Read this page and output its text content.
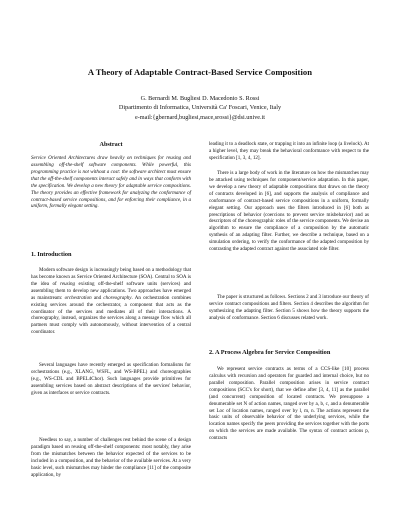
A Theory of Adaptable Contract-Based Service Composition
G. Bernardi M. Bugliesi D. Macedonio S. Rossi
Dipartimento di Informatica, Università Ca' Foscari, Venice, Italy
e-mail:{gbernard,bugliesi,mace,srossi}@dsi.unive.it
Abstract
Service Oriented Architectures draw heavily on techniques for reusing and assembling off-the-shelf software components. While powerful, this programming practice is not without a cost: the software architect must ensure that the off-the-shelf components interact safely and in ways that conform with the specification. We develop a new theory for adaptable service compositions. The theory provides an effective framework for analyzing the conformance of contract-based service compositions, and for enforcing their compliance, in a uniform, formally elegant setting.
1. Introduction
Modern software design is increasingly being based on a methodology that has become known as Service Oriented Architecture (SOA). Central to SOA is the idea of reusing existing off-the-shelf software units (services) and assembling them to develop new applications. Two approaches have emerged as mainstream: orchestration and choreography. An orchestration combines existing services around the orchestrator, a component that acts as the coordinator of the services and mediates all of their interactions. A choreography, instead, organizes the services along a message flow which all partners must comply with autonomously, without intervention of a central coordinator.
Several languages have recently emerged as specification formalisms for orchestrations (e.g., XLANG, WSFL, and WS-BPEL) and choreographies (e.g., WS-CDL and BPEL4Chor). Such languages provide primitives for assembling services based on abstract descriptions of the services' behavior, given as interfaces or service contracts.
Needless to say, a number of challenges rest behind the scene of a design paradigm based on reusing off-the-shelf components: most notably, they arise from the mismatches between the behavior expected of the services to be included in a composition, and the behavior of the available services. At a very basic level, such mismatches may hinder the compliance [11] of the composite application, by
leading it to a deadlock state, or trapping it into an infinite loop (a livelock). At a higher level, they may break the behavioral conformance with respect to the specification [1, 3, 4, 12].
There is a large body of work in the literature on how the mismatches may be attacked using techniques for component/service adaptation. In this paper, we develop a new theory of adaptable compositions that draws on the theory of contracts developed in [6], and supports the analysis of compliance and conformance of contract-based service compositions in a uniform, formally elegant setting. Our approach uses the filters introduced in [6] both as prescriptions of behavior (coercions to prevent service misbehavior) and as descriptors of the choreographic roles of the service components. We devise an algorithm to ensure the compliance of a composition by the automatic synthesis of an adapting filter. Further, we describe a technique, based on a simulation ordering, to verify the conformance of the adapted composition by contrasting the adapted contract against the associated role filter.
The paper is structured as follows. Sections 2 and 3 introduce our theory of service contract compositions and filters. Section 4 describes the algorithm for synthesizing the adapting filter. Section 5 shows how the theory supports the analysis of conformance. Section 6 discusses related work.
2. A Process Algebra for Service Composition
We represent service contracts as terms of a CCS-like [10] process calculus with recursion and operators for guarded and internal choice, but no parallel composition. Parallel composition arises in service contract compositions (SCC's for short), that we define after [3, 4, 11] as the parallel (and concurrent) composition of located contracts. We presuppose a denumerable set N of action names, ranged over by a, b, c, and a denumerable set Loc of location names, ranged over by l, m, n. The actions represent the basic units of observable behavior of the underlying services, while the location names specify the peers providing the services together with the ports on which the services are made available. The syntax of contract actions p, contracts
